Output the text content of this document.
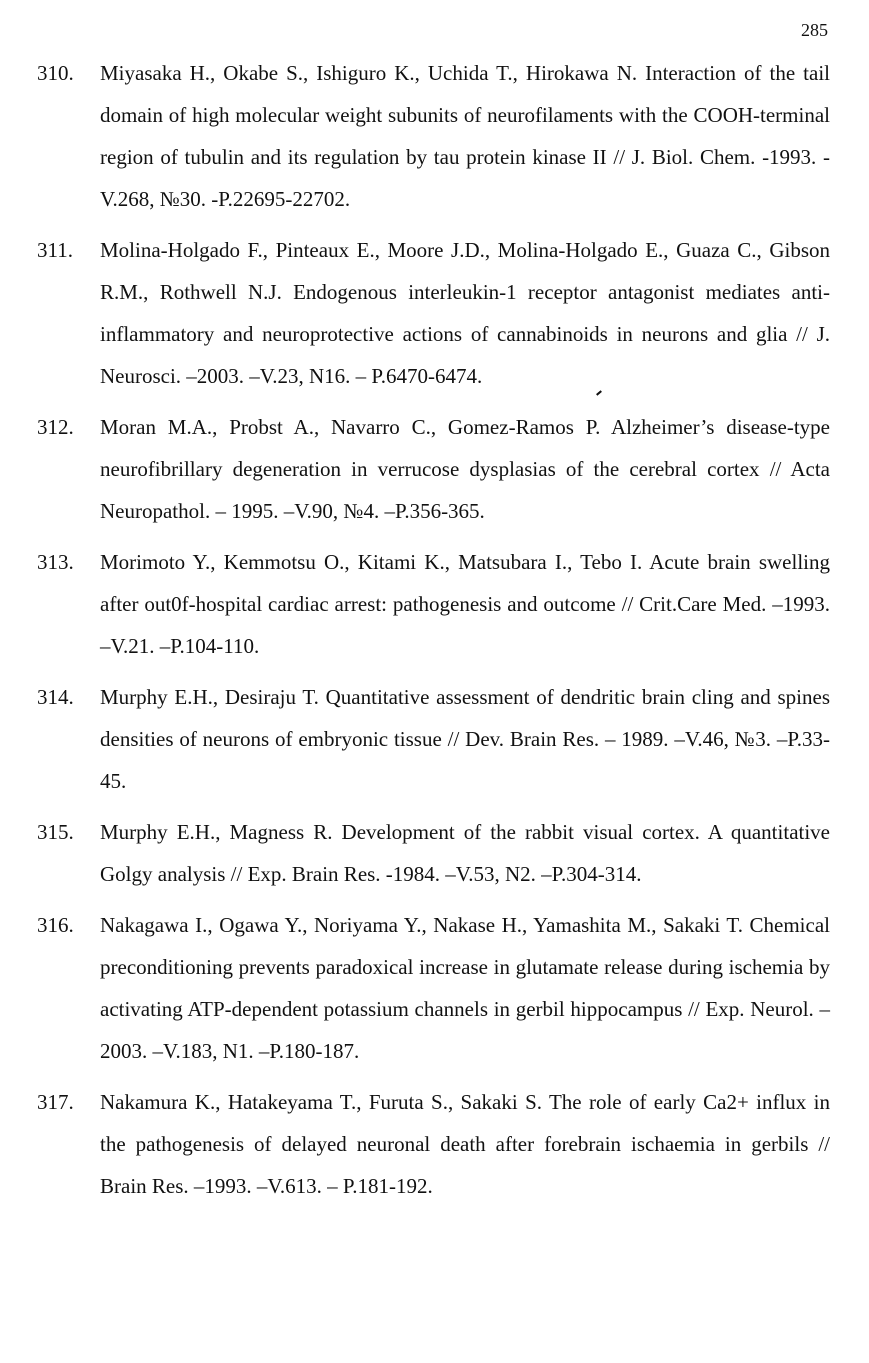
285
310.	Miyasaka H., Okabe S., Ishiguro K., Uchida T., Hirokawa N. Interaction of the tail domain of high molecular weight subunits of neurofilaments with the COOH-terminal region of tubulin and its regulation by tau protein kinase II // J. Biol. Chem. -1993. -V.268, №30. -P.22695-22702.
311.	Molina-Holgado F., Pinteaux E., Moore J.D., Molina-Holgado E., Guaza C., Gibson R.M., Rothwell N.J. Endogenous interleukin-1 receptor antagonist mediates anti-inflammatory and neuroprotective actions of cannabinoids in neurons and glia // J. Neurosci. –2003. –V.23, N16. – P.6470-6474.
312.	Moran M.A., Probst A., Navarro C., Gomez-Ramos P. Alzheimer’s disease-type neurofibrillary degeneration in verrucose dysplasias of the cerebral cortex // Acta Neuropathol. – 1995. –V.90, №4. –P.356-365.
313.	Morimoto Y., Kemmotsu O., Kitami K., Matsubara I., Tebo I. Acute brain swelling after out0f-hospital cardiac arrest: pathogenesis and outcome // Crit.Care Med. –1993. –V.21. –P.104-110.
314.	Murphy E.H., Desiraju T. Quantitative assessment of dendritic brain cling and spines densities of neurons of embryonic tissue // Dev. Brain Res. – 1989. –V.46, №3. –P.33-45.
315.	Murphy E.H., Magness R. Development of the rabbit visual cortex. A quantitative Golgy analysis // Exp. Brain Res. -1984. –V.53, N2. –P.304-314.
316.	Nakagawa I., Ogawa Y., Noriyama Y., Nakase H., Yamashita M., Sakaki T. Chemical preconditioning prevents paradoxical increase in glutamate release during ischemia by activating ATP-dependent potassium channels in gerbil hippocampus // Exp. Neurol. –2003. –V.183, N1. –P.180-187.
317.	Nakamura K., Hatakeyama T., Furuta S., Sakaki S. The role of early Ca2+ influx in the pathogenesis of delayed neuronal death after forebrain ischaemia in gerbils // Brain Res. –1993. –V.613. – P.181-192.
